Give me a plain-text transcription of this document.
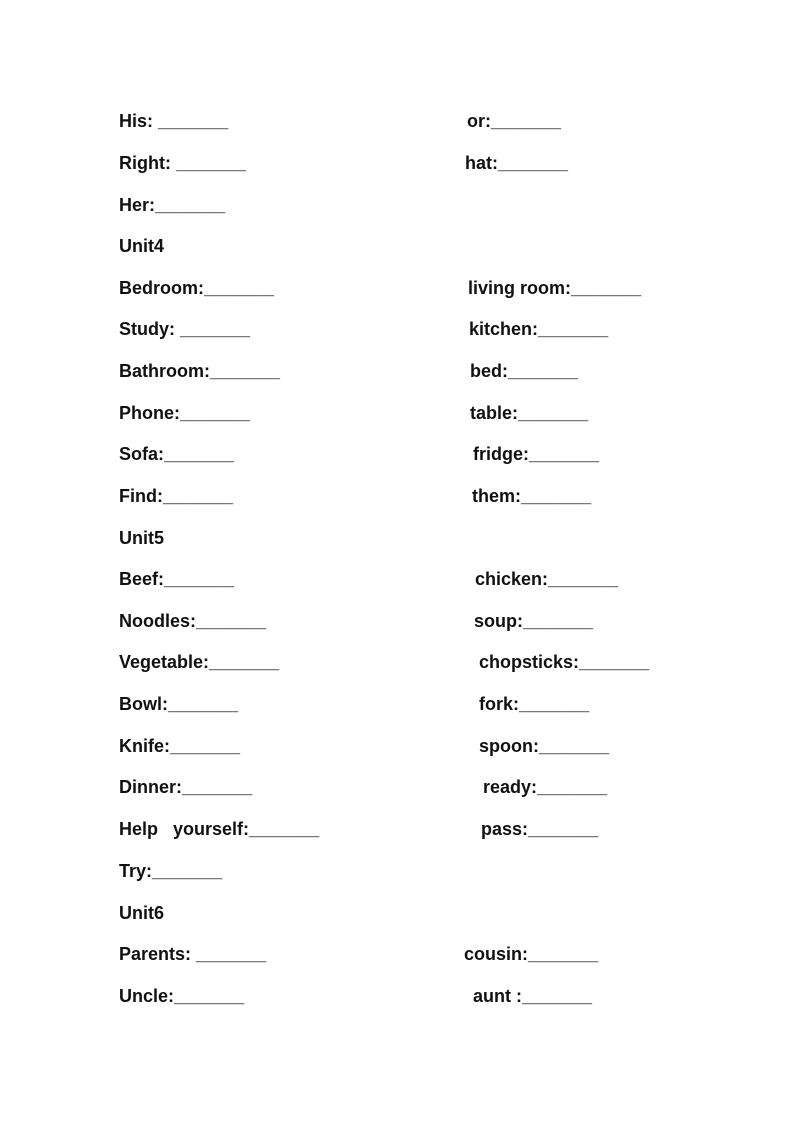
His: _______	or:_______
Right: _______	hat:_______
Her:_______
Unit4
Bedroom:_______	living room:_______
Study: _______	kitchen:_______
Bathroom:_______	bed:_______
Phone:_______	table:_______
Sofa:_______	fridge:_______
Find:_______	them:_______
Unit5
Beef:_______	chicken:_______
Noodles:_______	soup:_______
Vegetable:_______	chopsticks:_______
Bowl:_______	fork:_______
Knife:_______	spoon:_______
Dinner:_______	ready:_______
Help   yourself:_______	pass:_______
Try:_______
Unit6
Parents: _______	cousin:_______
Uncle:_______	aunt :_______
